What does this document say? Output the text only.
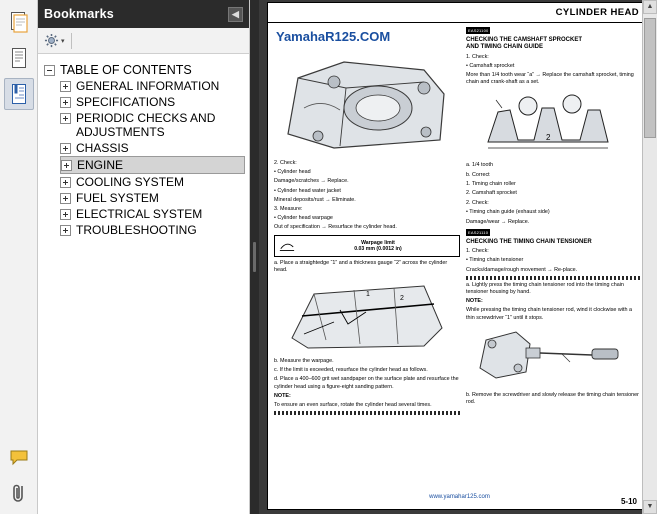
Bookmarks	◀
▾
TABLE OF CONTENTS
GENERAL INFORMATION
SPECIFICATIONS
PERIODIC CHECKS AND ADJUSTMENTS
CHASSIS
ENGINE
COOLING SYSTEM
FUEL SYSTEM
ELECTRICAL SYSTEM
TROUBLESHOOTING
CYLINDER HEAD
YamahaR125.COM

2. Check:

• Cylinder head

Damage/scratches → Replace.

• Cylinder head water jacket

Mineral deposits/rust → Eliminate.

3. Measure:

• Cylinder head warpage

Out of specification → Resurface the cylinder head.

Warpage limit
0.03 mm (0.0012 in)

a. Place a straightedge “1” and a thickness gauge “2” across the cylinder head.

1
2

b. Measure the warpage.

c. If the limit is exceeded, resurface the cylinder head as follows.

d. Place a 400–600 grit wet sandpaper on the surface plate and resurface the cylinder head using a figure-eight sanding pattern.

NOTE:

To ensure an even surface, rotate the cylinder head several times.

EAS21100
CHECKING THE CAMSHAFT SPROCKET
AND TIMING CHAIN GUIDE

1. Check:

• Camshaft sprocket

More than 1/4 tooth wear “a” → Replace the camshaft sprocket, timing chain and crank-shaft as a set.

2

a. 1/4 tooth

b. Correct

1. Timing chain roller

2. Camshaft sprocket

2. Check:

• Timing chain guide (exhaust side)

Damage/wear → Replace.

EAS21110
CHECKING THE TIMING CHAIN TENSIONER

1. Check:

• Timing chain tensioner

Cracks/damage/rough movement → Re-place.

a. Lightly press the timing chain tensioner rod into the timing chain tensioner housing by hand.

NOTE:

While pressing the timing chain tensioner rod, wind it clockwise with a thin screwdriver “1” until it stops.

b. Remove the screwdriver and slowly release the timing chain tensioner rod.

www.yamahar125.com	5-10
▲
▼
